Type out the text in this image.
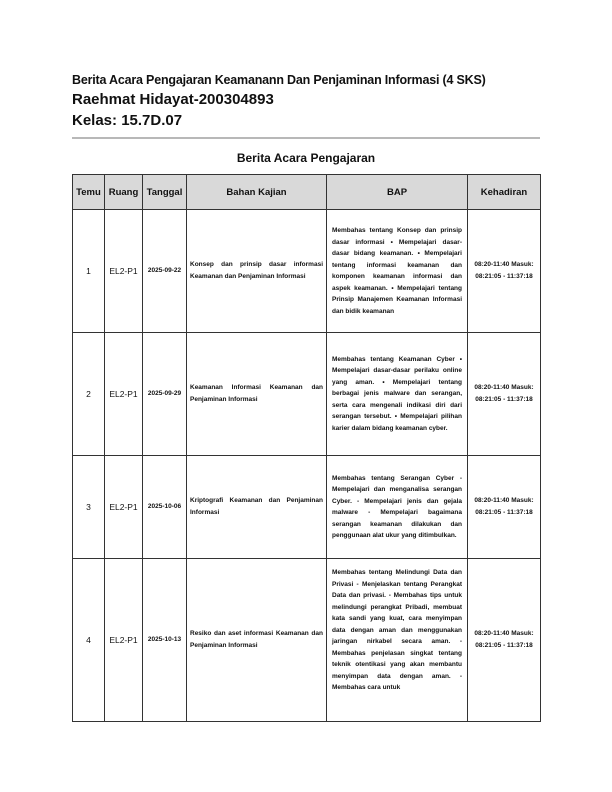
Berita Acara Pengajaran Keamanann Dan Penjaminan Informasi (4 SKS)
Raehmat Hidayat-200304893
Kelas: 15.7D.07
Berita Acara Pengajaran
Temu	Ruang	Tanggal	Bahan Kajian	BAP	Kehadiran
1	EL2-P1	2025-09-22	Konsep dan prinsip dasar informasi Keamanan dan Penjaminan Informasi	Membahas tentang Konsep dan prinsip dasar informasi • Mempelajari dasar-dasar bidang keamanan. • Mempelajari tentang informasi keamanan dan komponen keamanan informasi dan aspek keamanan. • Mempelajari tentang Prinsip Manajemen Keamanan Informasi dan bidik keamanan	08:20-11:40 Masuk: 08:21:05 - 11:37:18
2	EL2-P1	2025-09-29	Keamanan Informasi Keamanan dan Penjaminan Informasi	Membahas tentang Keamanan Cyber • Mempelajari dasar-dasar perilaku online yang aman. • Mempelajari tentang berbagai jenis malware dan serangan, serta cara mengenali indikasi diri dari serangan tersebut. • Mempelajari pilihan karier dalam bidang keamanan cyber.	08:20-11:40 Masuk: 08:21:05 - 11:37:18
3	EL2-P1	2025-10-06	Kriptografi Keamanan dan Penjaminan Informasi	Membahas tentang Serangan Cyber - Mempelajari dan menganalisa serangan Cyber. - Mempelajari jenis dan gejala malware - Mempelajari bagaimana serangan keamanan dilakukan dan penggunaan alat ukur yang ditimbulkan.	08:20-11:40 Masuk: 08:21:05 - 11:37:18
4	EL2-P1	2025-10-13	Resiko dan aset informasi Keamanan dan Penjaminan Informasi	Membahas tentang Melindungi Data dan Privasi - Menjelaskan tentang Perangkat Data dan privasi. - Membahas tips untuk melindungi perangkat Pribadi, membuat kata sandi yang kuat, cara menyimpan data dengan aman dan menggunakan jaringan nirkabel secara aman. - Membahas penjelasan singkat tentang teknik otentikasi yang akan membantu menyimpan data dengan aman. - Membahas cara untuk	08:20-11:40 Masuk: 08:21:05 - 11:37:18
